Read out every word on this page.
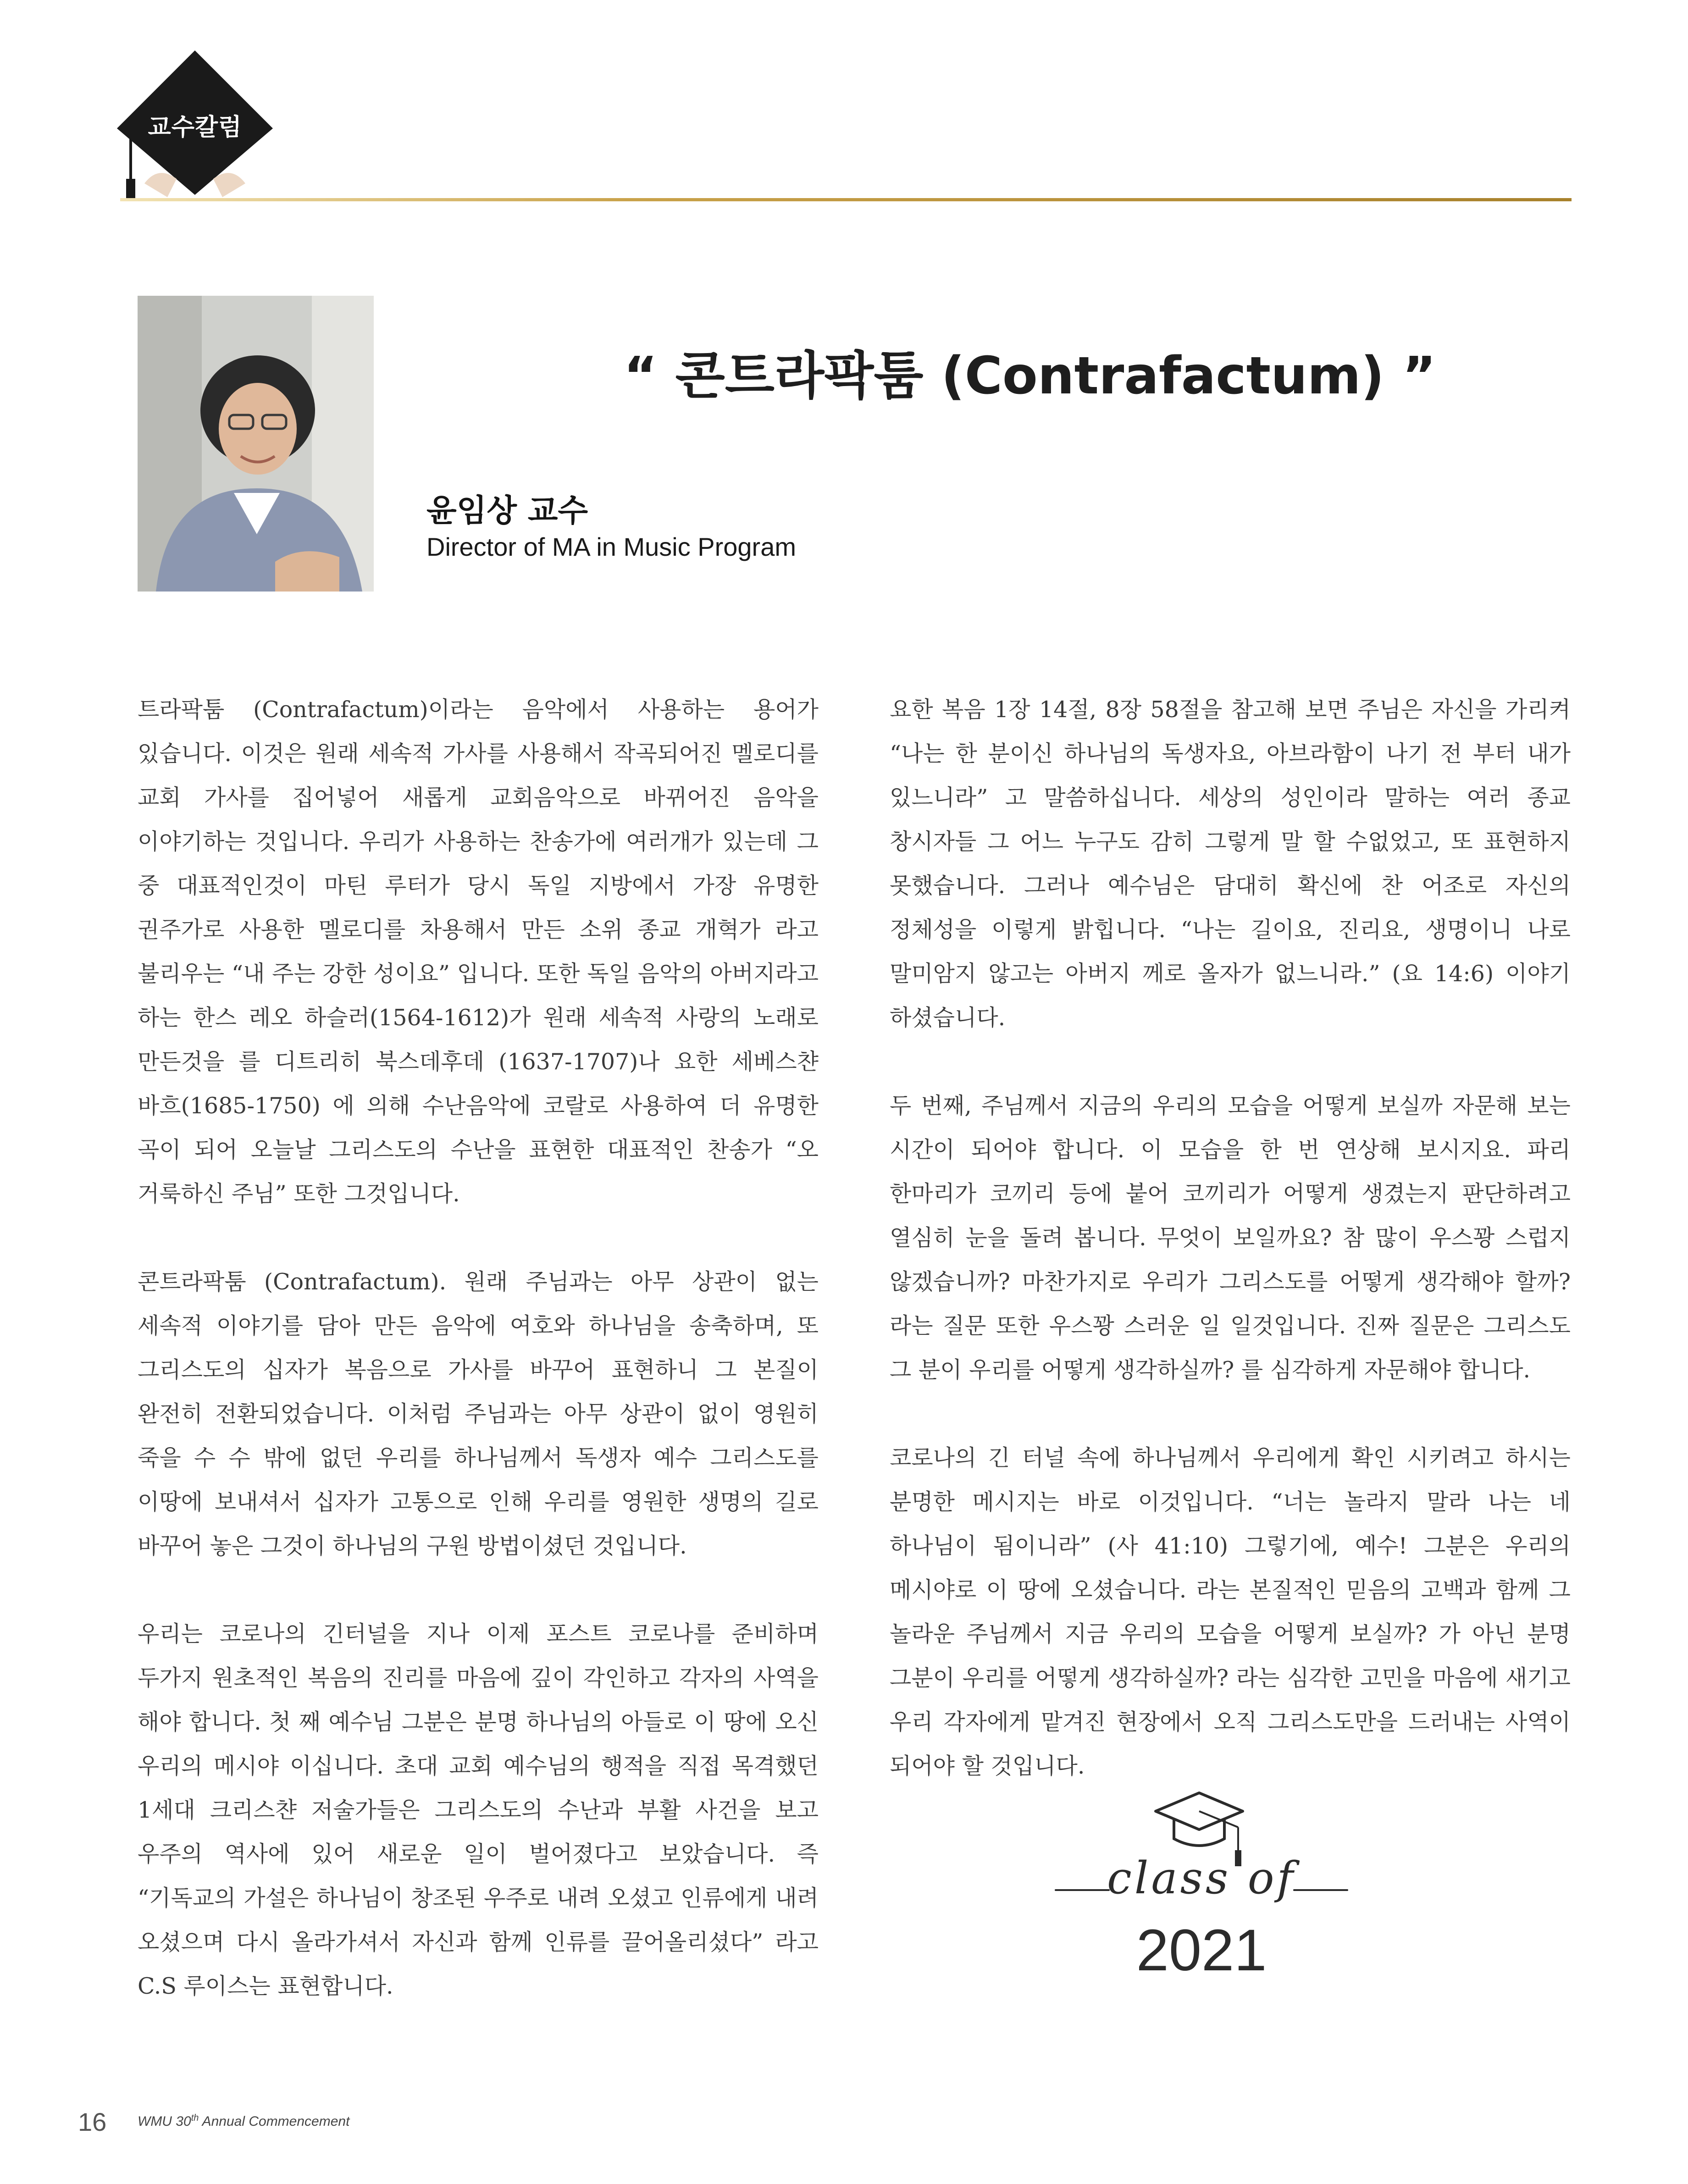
교수칼럼
“ 콘트라팍툼 (Contrafactum) ”
윤임상 교수
Director of MA in Music Program

트라팍툼 (Contrafactum)이라는 음악에서 사용하는 용어가 있습니다. 이것은 원래 세속적 가사를 사용해서 작곡되어진 멜로디를 교회 가사를 집어넣어 새롭게 교회음악으로 바뀌어진 음악을 이야기하는 것입니다. 우리가 사용하는 찬송가에 여러개가 있는데 그 중 대표적인것이 마틴 루터가 당시 독일 지방에서 가장 유명한 권주가로 사용한 멜로디를 차용해서 만든 소위 종교 개혁가 라고 불리우는 “내 주는 강한 성이요” 입니다. 또한 독일 음악의 아버지라고 하는 한스 레오 하슬러(1564-1612)가 원래 세속적 사랑의 노래로 만든것을 를 디트리히 북스데후데 (1637-1707)나 요한 세베스챤 바흐(1685-1750) 에 의해 수난음악에 코랄로 사용하여 더 유명한 곡이 되어 오늘날 그리스도의 수난을 표현한 대표적인 찬송가 “오 거룩하신 주님” 또한 그것입니다.

콘트라팍툼 (Contrafactum). 원래 주님과는 아무 상관이 없는 세속적 이야기를 담아 만든 음악에 여호와 하나님을 송축하며, 또 그리스도의 십자가 복음으로 가사를 바꾸어 표현하니 그 본질이 완전히 전환되었습니다. 이처럼 주님과는 아무 상관이 없이 영원히 죽을 수 수 밖에 없던 우리를 하나님께서 독생자 예수 그리스도를 이땅에 보내셔서 십자가 고통으로 인해 우리를 영원한 생명의 길로 바꾸어 놓은 그것이 하나님의 구원 방법이셨던 것입니다.

우리는 코로나의 긴터널을 지나 이제 포스트 코로나를 준비하며 두가지 원초적인 복음의 진리를 마음에 깊이 각인하고 각자의 사역을 해야 합니다. 첫 째 예수님 그분은 분명 하나님의 아들로 이 땅에 오신 우리의 메시야 이십니다. 초대 교회 예수님의 행적을 직접 목격했던 1세대 크리스챤 저술가들은 그리스도의 수난과 부활 사건을 보고 우주의 역사에 있어 새로운 일이 벌어졌다고 보았습니다. 즉 “기독교의 가설은 하나님이 창조된 우주로 내려 오셨고 인류에게 내려 오셨으며 다시 올라가셔서 자신과 함께 인류를 끌어올리셨다” 라고 C.S 루이스는 표현합니다.

요한 복음 1장 14절, 8장 58절을 참고해 보면 주님은 자신을 가리켜 “나는 한 분이신 하나님의 독생자요, 아브라함이 나기 전 부터 내가 있느니라” 고 말씀하십니다. 세상의 성인이라 말하는 여러 종교 창시자들 그 어느 누구도 감히 그렇게 말 할 수없었고, 또 표현하지 못했습니다. 그러나 예수님은 담대히 확신에 찬 어조로 자신의 정체성을 이렇게 밝힙니다. “나는 길이요, 진리요, 생명이니 나로 말미암지 않고는 아버지 께로 올자가 없느니라.” (요 14:6) 이야기 하셨습니다.

두 번째, 주님께서 지금의 우리의 모습을 어떻게 보실까 자문해 보는 시간이 되어야 합니다. 이 모습을 한 번 연상해 보시지요. 파리 한마리가 코끼리 등에 붙어 코끼리가 어떻게 생겼는지 판단하려고 열심히 눈을 돌려 봅니다. 무엇이 보일까요? 참 많이 우스꽝 스럽지 않겠습니까? 마찬가지로 우리가 그리스도를 어떻게 생각해야 할까? 라는 질문 또한 우스꽝 스러운 일 일것입니다. 진짜 질문은 그리스도 그 분이 우리를 어떻게 생각하실까? 를 심각하게 자문해야 합니다.

코로나의 긴 터널 속에 하나님께서 우리에게 확인 시키려고 하시는 분명한 메시지는 바로 이것입니다. “너는 놀라지 말라 나는 네 하나님이 됨이니라” (사 41:10) 그렇기에, 예수! 그분은 우리의 메시야로 이 땅에 오셨습니다. 라는 본질적인 믿음의 고백과 함께 그 놀라운 주님께서 지금 우리의 모습을 어떻게 보실까? 가 아닌 분명 그분이 우리를 어떻게 생각하실까? 라는 심각한 고민을 마음에 새기고 우리 각자에게 맡겨진 현장에서 오직 그리스도만을 드러내는 사역이 되어야 할 것입니다.

class of
2021
16 WMU 30th Annual Commencement
